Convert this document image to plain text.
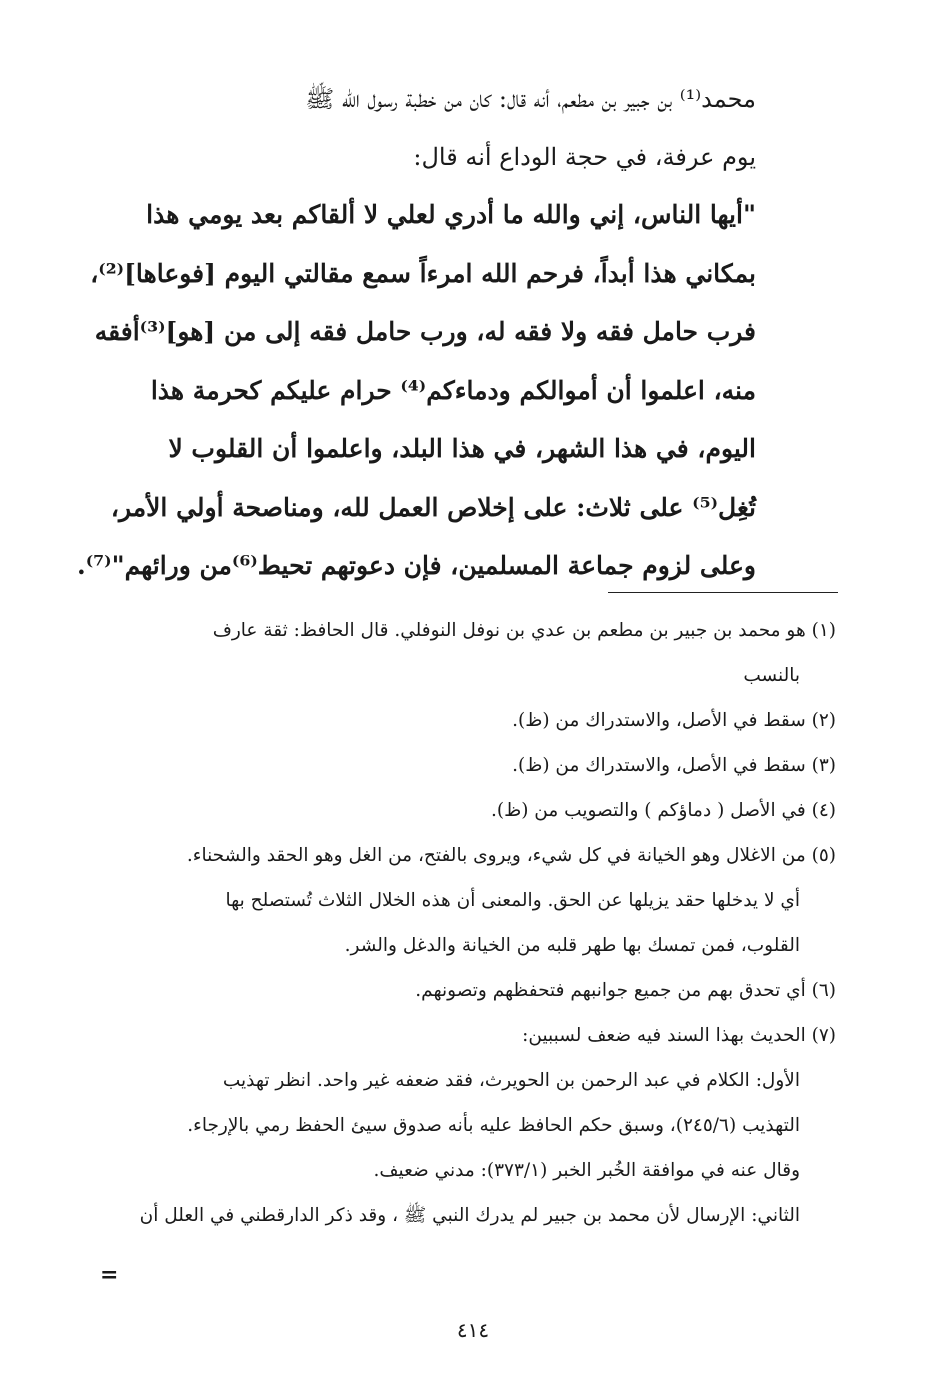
محمد⁽¹⁾ بن جبير بن مطعم، أنه قال: كان من خطبة رسول الله ﷺ
يوم عرفة، في حجة الوداع أنه قال:
"أيها الناس، إني والله ما أدري لعلي لا ألقاكم بعد يومي هذا
بمكاني هذا أبداً، فرحم الله امرءاً سمع مقالتي اليوم [فوعاها]⁽²⁾،
فرب حامل فقه ولا فقه له، ورب حامل فقه إلى من [هو]⁽³⁾أفقه
منه، اعلموا أن أموالكم ودماءكم⁽⁴⁾ حرام عليكم كحرمة هذا
اليوم، في هذا الشهر، في هذا البلد، واعلموا أن القلوب لا
تُغِل⁽⁵⁾ على ثلاث: على إخلاص العمل لله، ومناصحة أولي الأمر،
وعلى لزوم جماعة المسلمين، فإن دعوتهم تحيط⁽⁶⁾من ورائهم"⁽⁷⁾.
(١) هو محمد بن جبير بن مطعم بن عدي بن نوفل النوفلي. قال الحافظ: ثقة عارف
بالنسب
(٢) سقط في الأصل، والاستدراك من (ظ).
(٣) سقط في الأصل، والاستدراك من (ظ).
(٤) في الأصل ( دماؤكم ) والتصويب من (ظ).
(٥) من الاغلال وهو الخيانة في كل شيء، ويروى بالفتح، من الغل وهو الحقد والشحناء.
أي لا يدخلها حقد يزيلها عن الحق. والمعنى أن هذه الخلال الثلاث تُستصلح بها
القلوب، فمن تمسك بها طهر قلبه من الخيانة والدغل والشر.
(٦) أي تحدق بهم من جميع جوانبهم فتحفظهم وتصونهم.
(٧) الحديث بهذا السند فيه ضعف لسببين:
الأول: الكلام في عبد الرحمن بن الحويرث، فقد ضعفه غير واحد. انظر تهذيب
التهذيب (٢٤٥/٦)، وسبق حكم الحافظ عليه بأنه صدوق سيئ الحفظ رمي بالإرجاء.
وقال عنه في موافقة الخُبر الخبر (٣٧٣/١): مدني ضعيف.
الثاني: الإرسال لأن محمد بن جبير لم يدرك النبي ﷺ ، وقد ذكر الدارقطني في العلل أن
=
٤١٤
